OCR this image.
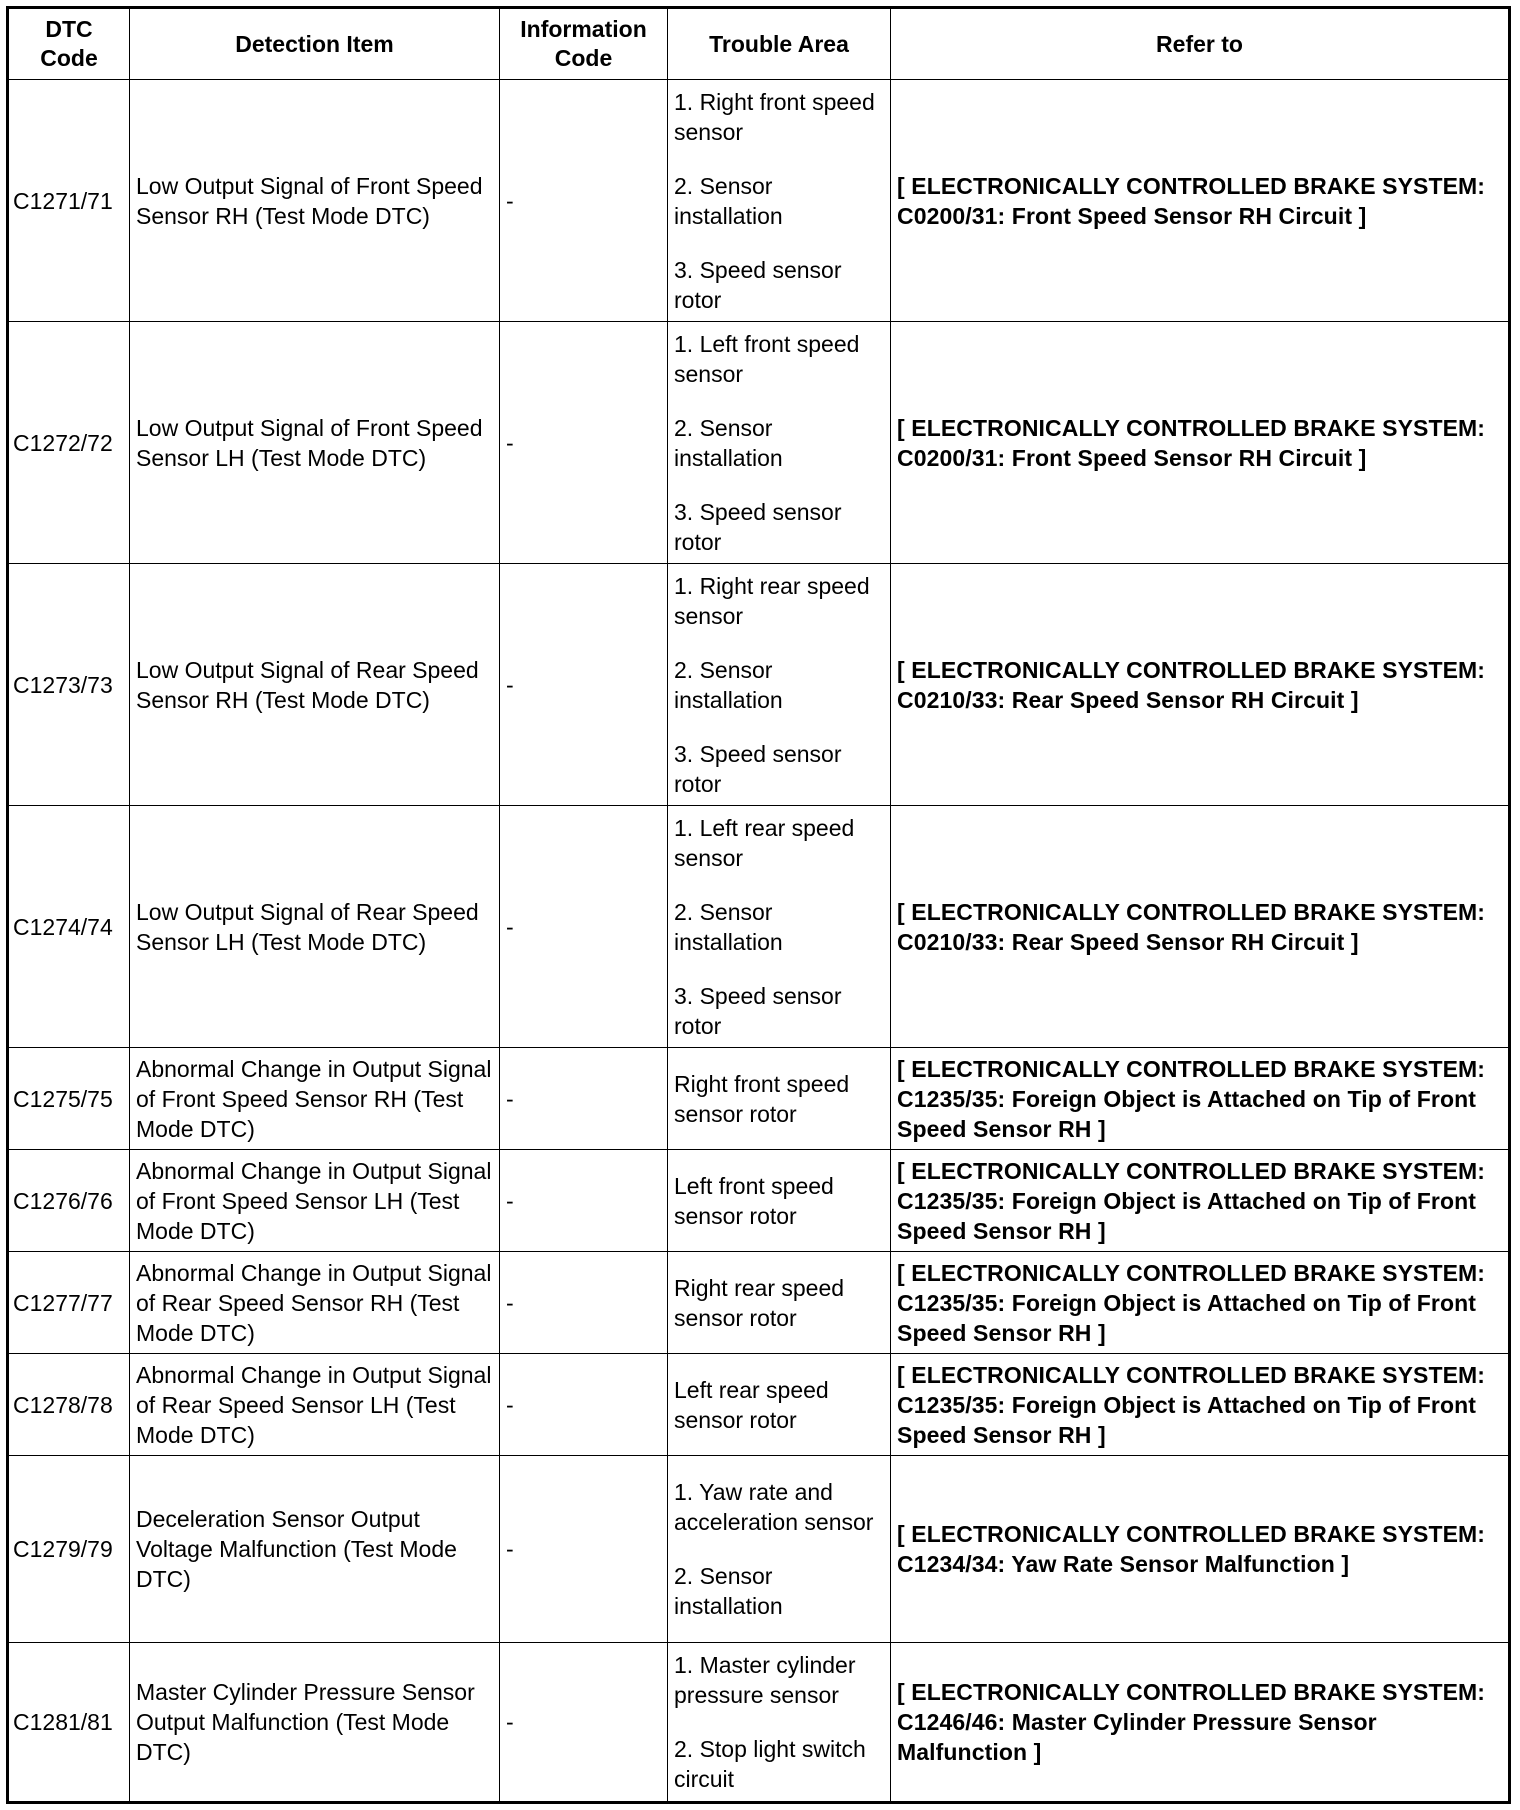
DTC Code	Detection Item	Information Code	Trouble Area	Refer to
C1271/71	Low Output Signal of Front Speed Sensor RH (Test Mode DTC)	-	1. Right front speed sensor

2. Sensor installation

3. Speed sensor rotor	[ ELECTRONICALLY CONTROLLED BRAKE SYSTEM: C0200/31: Front Speed Sensor RH Circuit ]
C1272/72	Low Output Signal of Front Speed Sensor LH (Test Mode DTC)	-	1. Left front speed sensor

2. Sensor installation

3. Speed sensor rotor	[ ELECTRONICALLY CONTROLLED BRAKE SYSTEM: C0200/31: Front Speed Sensor RH Circuit ]
C1273/73	Low Output Signal of Rear Speed Sensor RH (Test Mode DTC)	-	1. Right rear speed sensor

2. Sensor installation

3. Speed sensor rotor	[ ELECTRONICALLY CONTROLLED BRAKE SYSTEM: C0210/33: Rear Speed Sensor RH Circuit ]
C1274/74	Low Output Signal of Rear Speed Sensor LH (Test Mode DTC)	-	1. Left rear speed sensor

2. Sensor installation

3. Speed sensor rotor	[ ELECTRONICALLY CONTROLLED BRAKE SYSTEM: C0210/33: Rear Speed Sensor RH Circuit ]
C1275/75	Abnormal Change in Output Signal of Front Speed Sensor RH (Test Mode DTC)	-	Right front speed sensor rotor	[ ELECTRONICALLY CONTROLLED BRAKE SYSTEM: C1235/35: Foreign Object is Attached on Tip of Front Speed Sensor RH ]
C1276/76	Abnormal Change in Output Signal of Front Speed Sensor LH (Test Mode DTC)	-	Left front speed sensor rotor	[ ELECTRONICALLY CONTROLLED BRAKE SYSTEM: C1235/35: Foreign Object is Attached on Tip of Front Speed Sensor RH ]
C1277/77	Abnormal Change in Output Signal of Rear Speed Sensor RH (Test Mode DTC)	-	Right rear speed sensor rotor	[ ELECTRONICALLY CONTROLLED BRAKE SYSTEM: C1235/35: Foreign Object is Attached on Tip of Front Speed Sensor RH ]
C1278/78	Abnormal Change in Output Signal of Rear Speed Sensor LH (Test Mode DTC)	-	Left rear speed sensor rotor	[ ELECTRONICALLY CONTROLLED BRAKE SYSTEM: C1235/35: Foreign Object is Attached on Tip of Front Speed Sensor RH ]
C1279/79	Deceleration Sensor Output Voltage Malfunction (Test Mode DTC)	-	1. Yaw rate and acceleration sensor

2. Sensor installation	[ ELECTRONICALLY CONTROLLED BRAKE SYSTEM: C1234/34: Yaw Rate Sensor Malfunction ]
C1281/81	Master Cylinder Pressure Sensor Output Malfunction (Test Mode DTC)	-	1. Master cylinder pressure sensor

2. Stop light switch circuit	[ ELECTRONICALLY CONTROLLED BRAKE SYSTEM: C1246/46: Master Cylinder Pressure Sensor Malfunction ]
